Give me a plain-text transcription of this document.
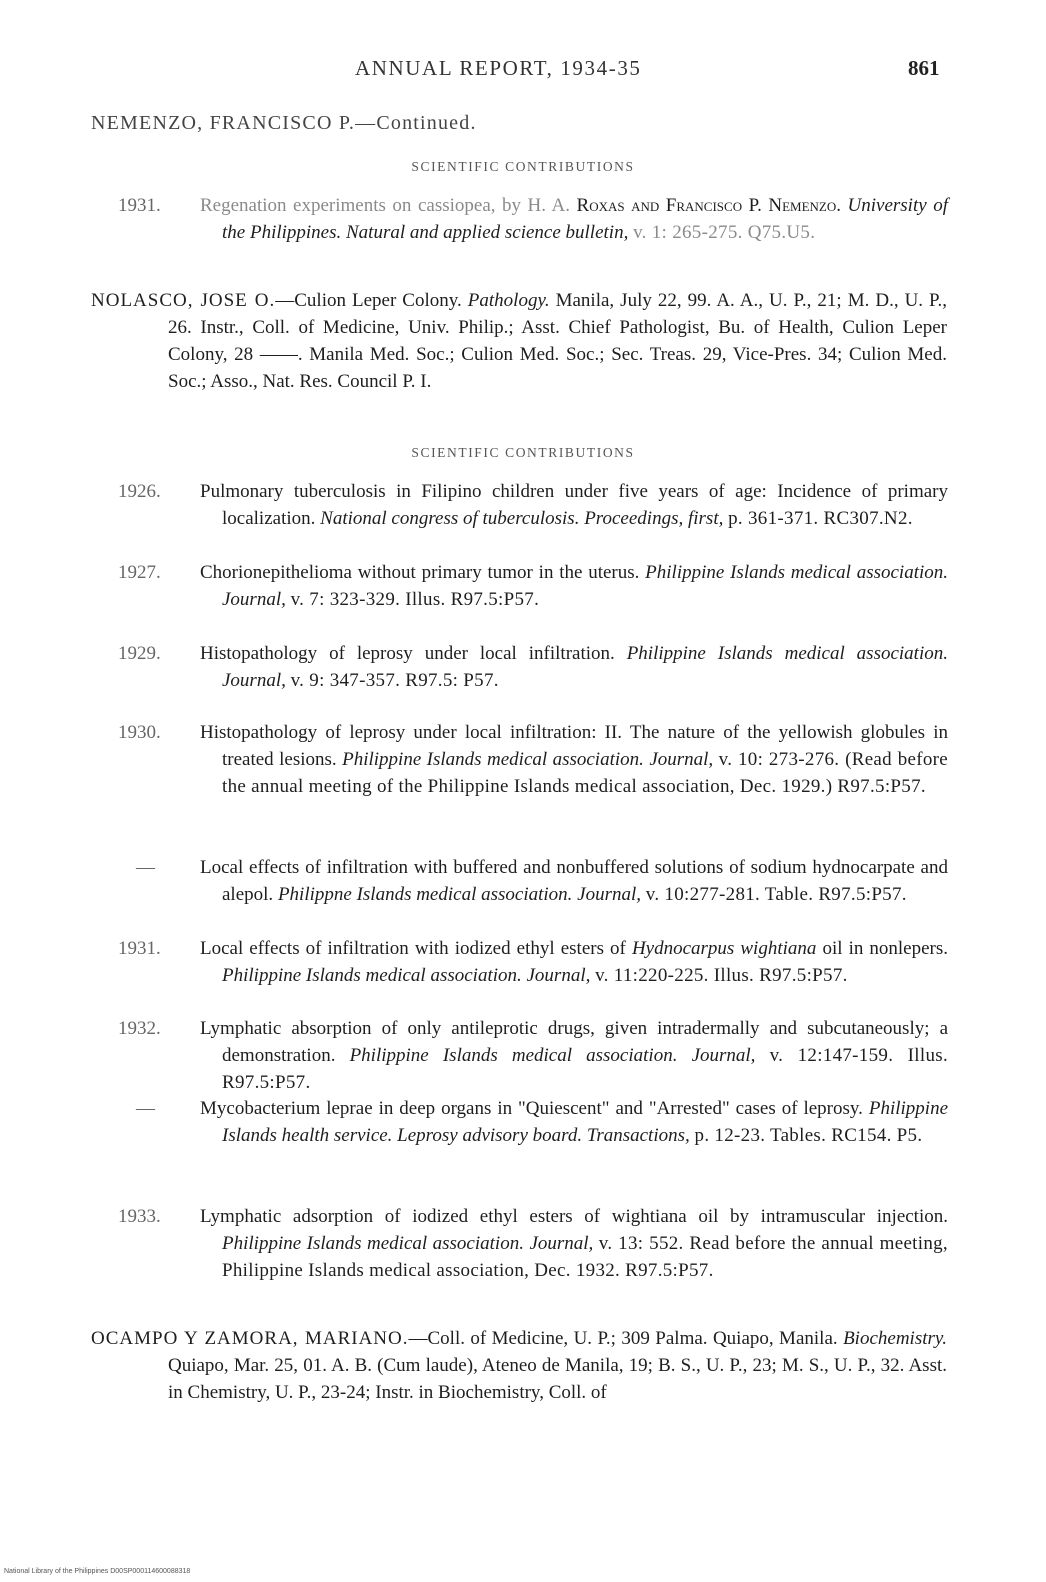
ANNUAL REPORT, 1934-35	861
NEMENZO, FRANCISCO P.—Continued.
SCIENTIFIC CONTRIBUTIONS
1931.	Regenation experiments on cassiopea, by H. A. Roxas and Francisco P. Nemenzo. University of the Philippines. Natural and applied science bulletin, v. 1: 265-275. Q75.U5.
NOLASCO, JOSE O.—Culion Leper Colony. Pathology. Manila, July 22, 99. A. A., U. P., 21; M. D., U. P., 26. Instr., Coll. of Medicine, Univ. Philip.; Asst. Chief Pathologist, Bu. of Health, Culion Leper Colony, 28 ——. Manila Med. Soc.; Culion Med. Soc.; Sec. Treas. 29, Vice-Pres. 34; Culion Med. Soc.; Asso., Nat. Res. Council P. I.
SCIENTIFIC CONTRIBUTIONS
1926.	Pulmonary tuberculosis in Filipino children under five years of age: Incidence of primary localization. National congress of tuberculosis. Proceedings, first, p. 361-371. RC307.N2.
1927.	Chorionepithelioma without primary tumor in the uterus. Philippine Islands medical association. Journal, v. 7: 323-329. Illus. R97.5:P57.
1929.	Histopathology of leprosy under local infiltration. Philippine Islands medical association. Journal, v. 9: 347-357. R97.5: P57.
1930.	Histopathology of leprosy under local infiltration: II. The nature of the yellowish globules in treated lesions. Philippine Islands medical association. Journal, v. 10: 273-276. (Read before the annual meeting of the Philippine Islands medical association, Dec. 1929.) R97.5:P57.
—	Local effects of infiltration with buffered and nonbuffered solutions of sodium hydnocarpate and alepol. Philippne Islands medical association. Journal, v. 10:277-281. Table. R97.5:P57.
1931.	Local effects of infiltration with iodized ethyl esters of Hydnocarpus wightiana oil in nonlepers. Philippine Islands medical association. Journal, v. 11:220-225. Illus. R97.5:P57.
1932.	Lymphatic absorption of only antileprotic drugs, given intradermally and subcutaneously; a demonstration. Philippine Islands medical association. Journal, v. 12:147-159. Illus. R97.5:P57.
—	Mycobacterium leprae in deep organs in "Quiescent" and "Arrested" cases of leprosy. Philippine Islands health service. Leprosy advisory board. Transactions, p. 12-23. Tables. RC154. P5.
1933.	Lymphatic adsorption of iodized ethyl esters of wightiana oil by intramuscular injection. Philippine Islands medical association. Journal, v. 13: 552. Read before the annual meeting, Philippine Islands medical association, Dec. 1932. R97.5:P57.
OCAMPO Y ZAMORA, MARIANO.—Coll. of Medicine, U. P.; 309 Palma. Quiapo, Manila. Biochemistry. Quiapo, Mar. 25, 01. A. B. (Cum laude), Ateneo de Manila, 19; B. S., U. P., 23; M. S., U. P., 32. Asst. in Chemistry, U. P., 23-24; Instr. in Biochemistry, Coll. of
National Library of the Philippines D00SP000114600088318
